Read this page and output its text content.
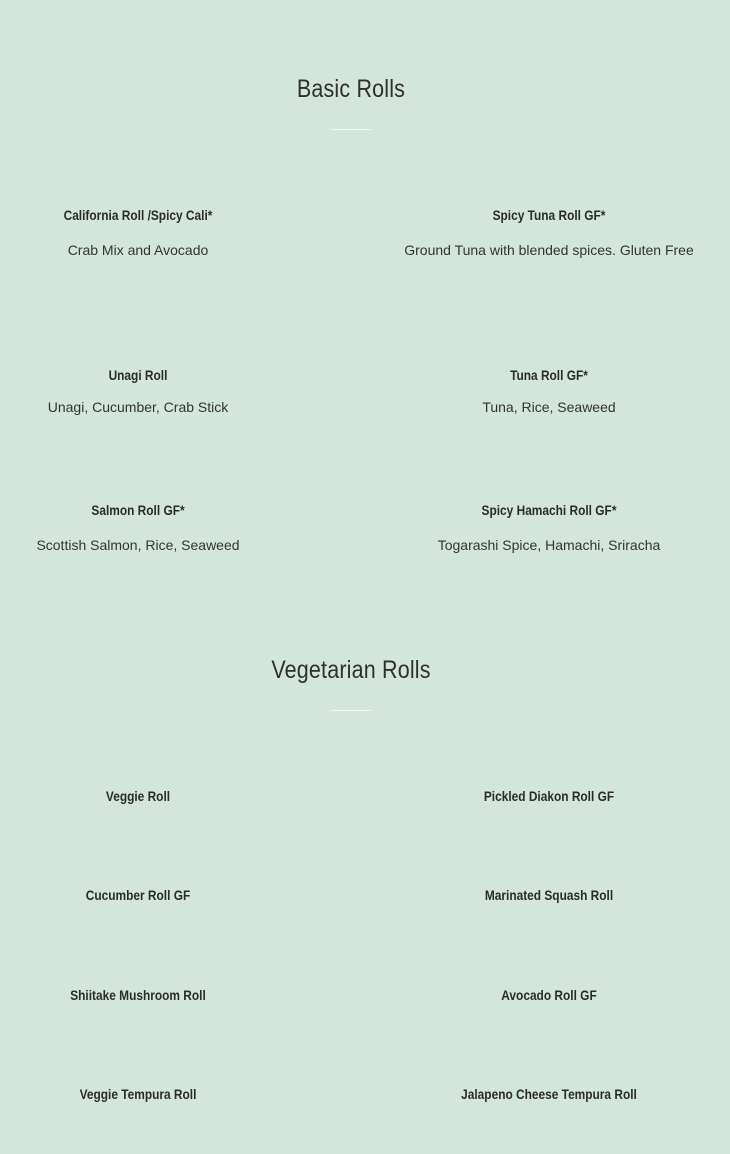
Basic Rolls
California Roll /Spicy Cali*
Crab Mix and Avocado
Spicy Tuna Roll GF*
Ground Tuna with blended spices. Gluten Free
Unagi Roll
Unagi, Cucumber, Crab Stick
Tuna Roll GF*
Tuna, Rice, Seaweed
Salmon Roll GF*
Scottish Salmon, Rice, Seaweed
Spicy Hamachi Roll GF*
Togarashi Spice, Hamachi, Sriracha
Vegetarian Rolls
Veggie Roll	Pickled Diakon Roll GF
Cucumber Roll GF	Marinated Squash Roll
Shiitake Mushroom Roll	Avocado Roll GF
Veggie Tempura Roll	Jalapeno Cheese Tempura Roll
